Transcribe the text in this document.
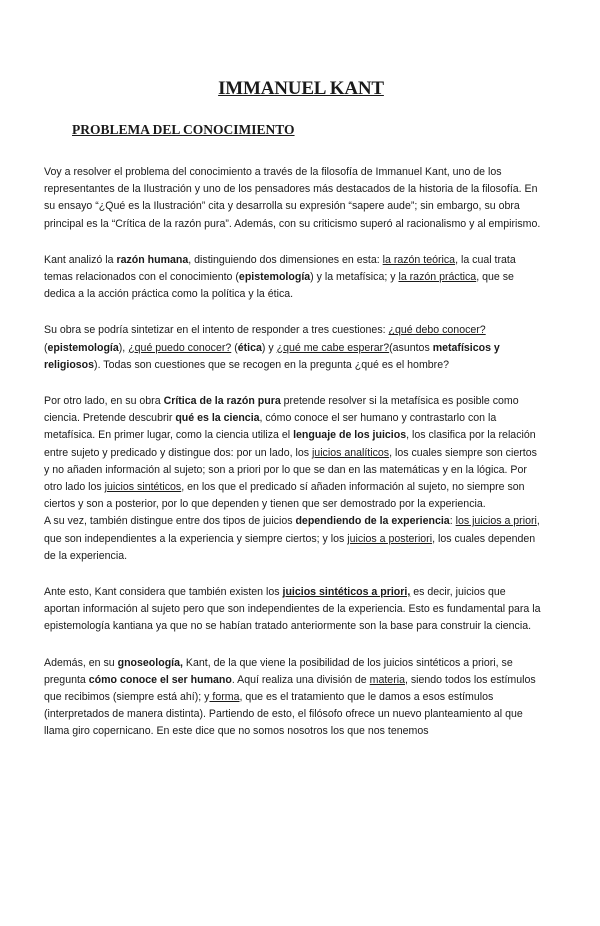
IMMANUEL KANT
PROBLEMA DEL CONOCIMIENTO

Voy a resolver el problema del conocimiento a través de la filosofía de Immanuel Kant, uno de los representantes de la Ilustración y uno de los pensadores más destacados de la historia de la filosofía. En su ensayo “¿Qué es la Ilustración” cita y desarrolla su expresión “sapere aude”; sin embargo, su obra principal es la “Crítica de la razón pura”. Además, con su criticismo superó al racionalismo y al empirismo.

Kant analizó la razón humana, distinguiendo dos dimensiones en esta: la razón teórica, la cual trata temas relacionados con el conocimiento (epistemología) y la metafísica; y la razón práctica, que se dedica a la acción práctica como la política y la ética.

Su obra se podría sintetizar en el intento de responder a tres cuestiones: ¿qué debo conocer? (epistemología), ¿qué puedo conocer? (ética) y ¿qué me cabe esperar?(asuntos metafísicos y religiosos). Todas son cuestiones que se recogen en la pregunta ¿qué es el hombre?

Por otro lado, en su obra Crítica de la razón pura pretende resolver si la metafísica es posible como ciencia. Pretende descubrir qué es la ciencia, cómo conoce el ser humano y contrastarlo con la metafísica. En primer lugar, como la ciencia utiliza el lenguaje de los juicios, los clasifica por la relación entre sujeto y predicado y distingue dos: por un lado, los juicios analíticos, los cuales siempre son ciertos y no añaden información al sujeto; son a priori por lo que se dan en las matemáticas y en la lógica. Por otro lado los juicios sintéticos, en los que el predicado sí añaden información al sujeto, no siempre son ciertos y son a posterior, por lo que dependen y tienen que ser demostrado por la experiencia.

A su vez, también distingue entre dos tipos de juicios dependiendo de la experiencia: los juicios a priori, que son independientes a la experiencia y siempre ciertos; y los juicios a posteriori, los cuales dependen de la experiencia.

Ante esto, Kant considera que también existen los juicios sintéticos a priori, es decir, juicios que aportan información al sujeto pero que son independientes de la experiencia. Esto es fundamental para la epistemología kantiana ya que no se habían tratado anteriormente son la base para construir la ciencia.

Además, en su gnoseología, Kant, de la que viene la posibilidad de los juicios sintéticos a priori, se pregunta cómo conoce el ser humano. Aquí realiza una división de materia, siendo todos los estímulos que recibimos (siempre está ahí); y forma, que es el tratamiento que le damos a esos estímulos (interpretados de manera distinta). Partiendo de esto, el filósofo ofrece un nuevo planteamiento al que llama giro copernicano. En este dice que no somos nosotros los que nos tenemos
